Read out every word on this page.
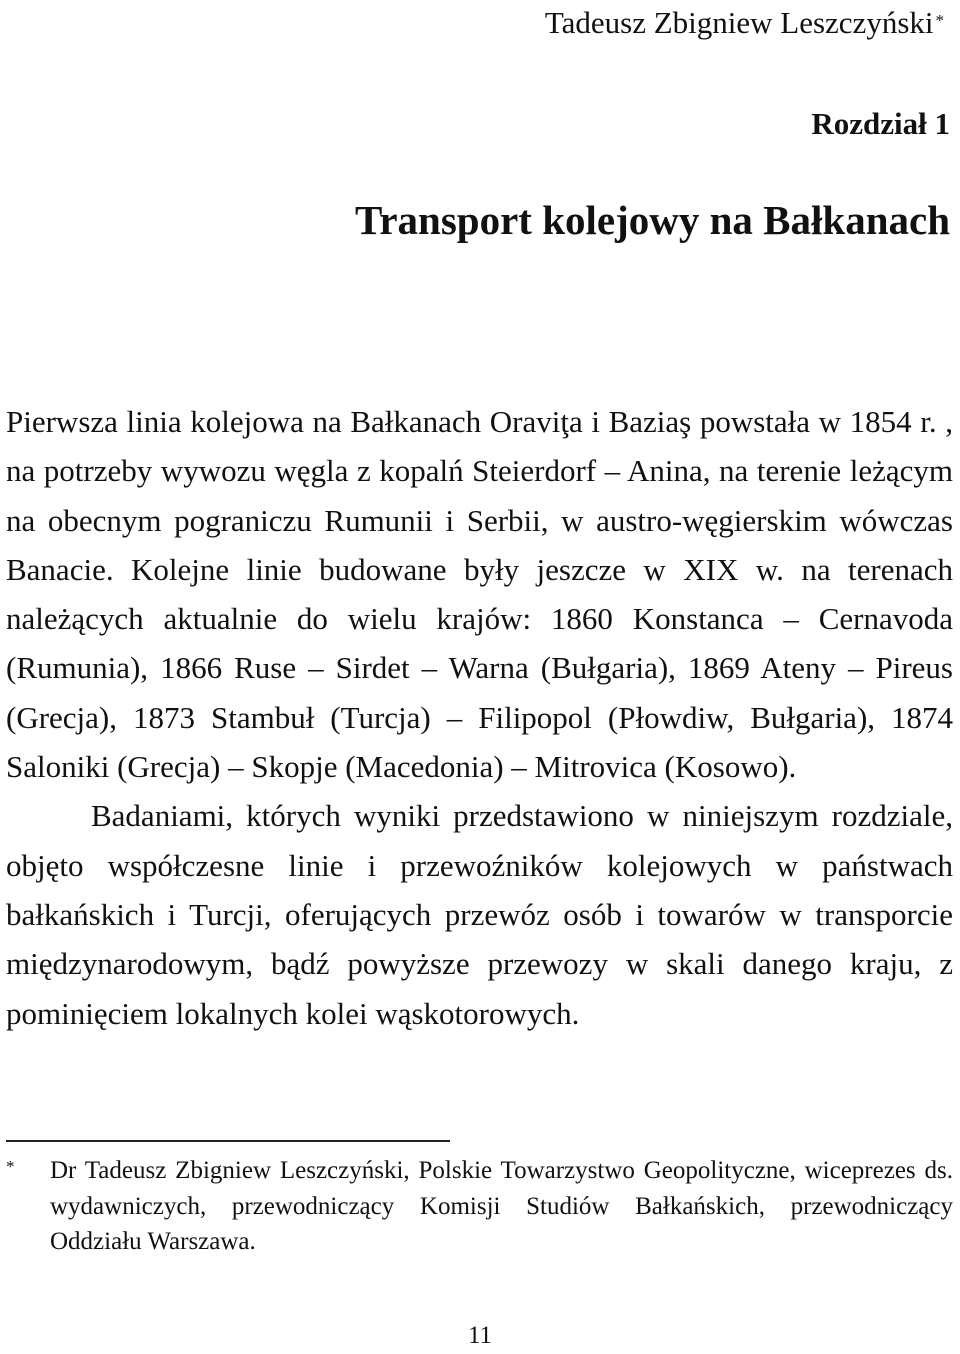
Tadeusz Zbigniew Leszczyński *
Rozdział 1
Transport kolejowy na Bałkanach

Pierwsza linia kolejowa na Bałkanach Oraviţa i Baziaş powstała w 1854 r. , na potrzeby wywozu węgla z kopalń Steierdorf – Anina, na terenie leżącym na obecnym pograniczu Rumunii i Serbii, w austro-węgierskim wówczas Banacie. Kolejne linie budowane były jeszcze w XIX w. na terenach należących aktualnie do wielu krajów: 1860 Konstanca – Cernavoda (Rumunia), 1866 Ruse – Sirdet – Warna (Bułgaria), 1869 Ateny – Pireus (Grecja), 1873 Stambuł (Turcja) – Filipopol (Płowdiw, Bułgaria), 1874 Saloniki (Grecja) – Skopje (Macedonia) – Mitrovica (Kosowo).

Badaniami, których wyniki przedstawiono w niniejszym rozdziale, objęto współczesne linie i przewoźników kolejowych w państwach bałkańskich i Turcji, oferujących przewóz osób i towarów w transporcie międzynarodowym, bądź powyższe przewozy w skali danego kraju, z pominięciem lokalnych kolei wąskotorowych.

* Dr Tadeusz Zbigniew Leszczyński, Polskie Towarzystwo Geopolityczne, wiceprezes ds. wydawniczych, przewodniczący Komisji Studiów Bałkańskich, przewodniczący Oddziału Warszawa.
11
